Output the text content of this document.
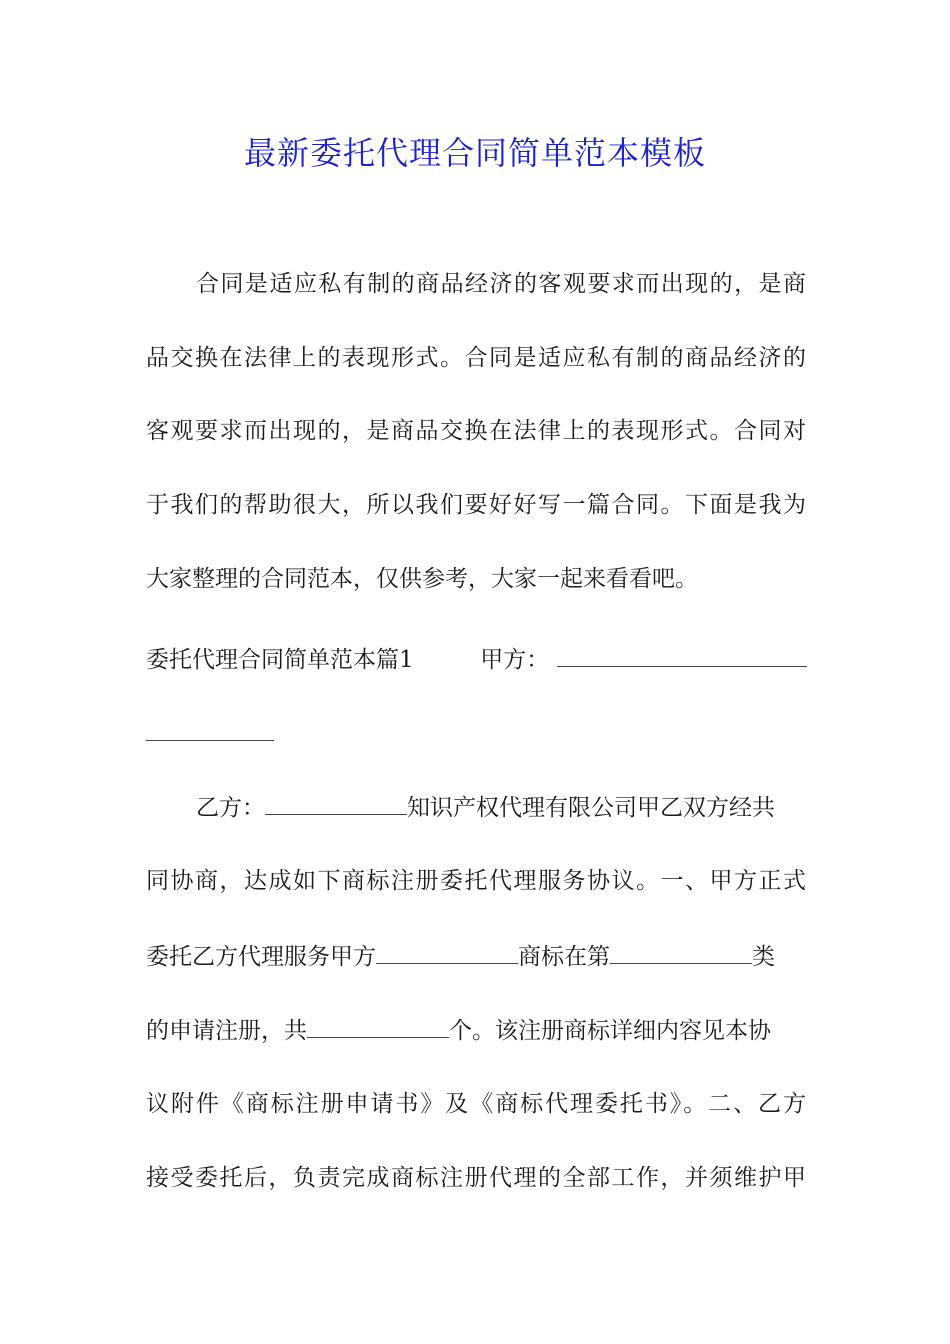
最新委托代理合同简单范本模板
合同是适应私有制的商品经济的客观要求而出现的，是商
品交换在法律上的表现形式。合同是适应私有制的商品经济的
客观要求而出现的，是商品交换在法律上的表现形式。合同对
于我们的帮助很大，所以我们要好好写一篇合同。下面是我为
大家整理的合同范本，仅供参考，大家一起来看看吧。
委托代理合同简单范本篇1	甲方：
乙方：	知识产权代理有限公司甲乙双方经共
同协商，达成如下商标注册委托代理服务协议。一、甲方正式
委托乙方代理服务甲方	商标在第	类
的申请注册，共	个。该注册商标详细内容见本协
议附件《商标注册申请书》及《商标代理委托书》。二、乙方
接受委托后，负责完成商标注册代理的全部工作，并须维护甲
